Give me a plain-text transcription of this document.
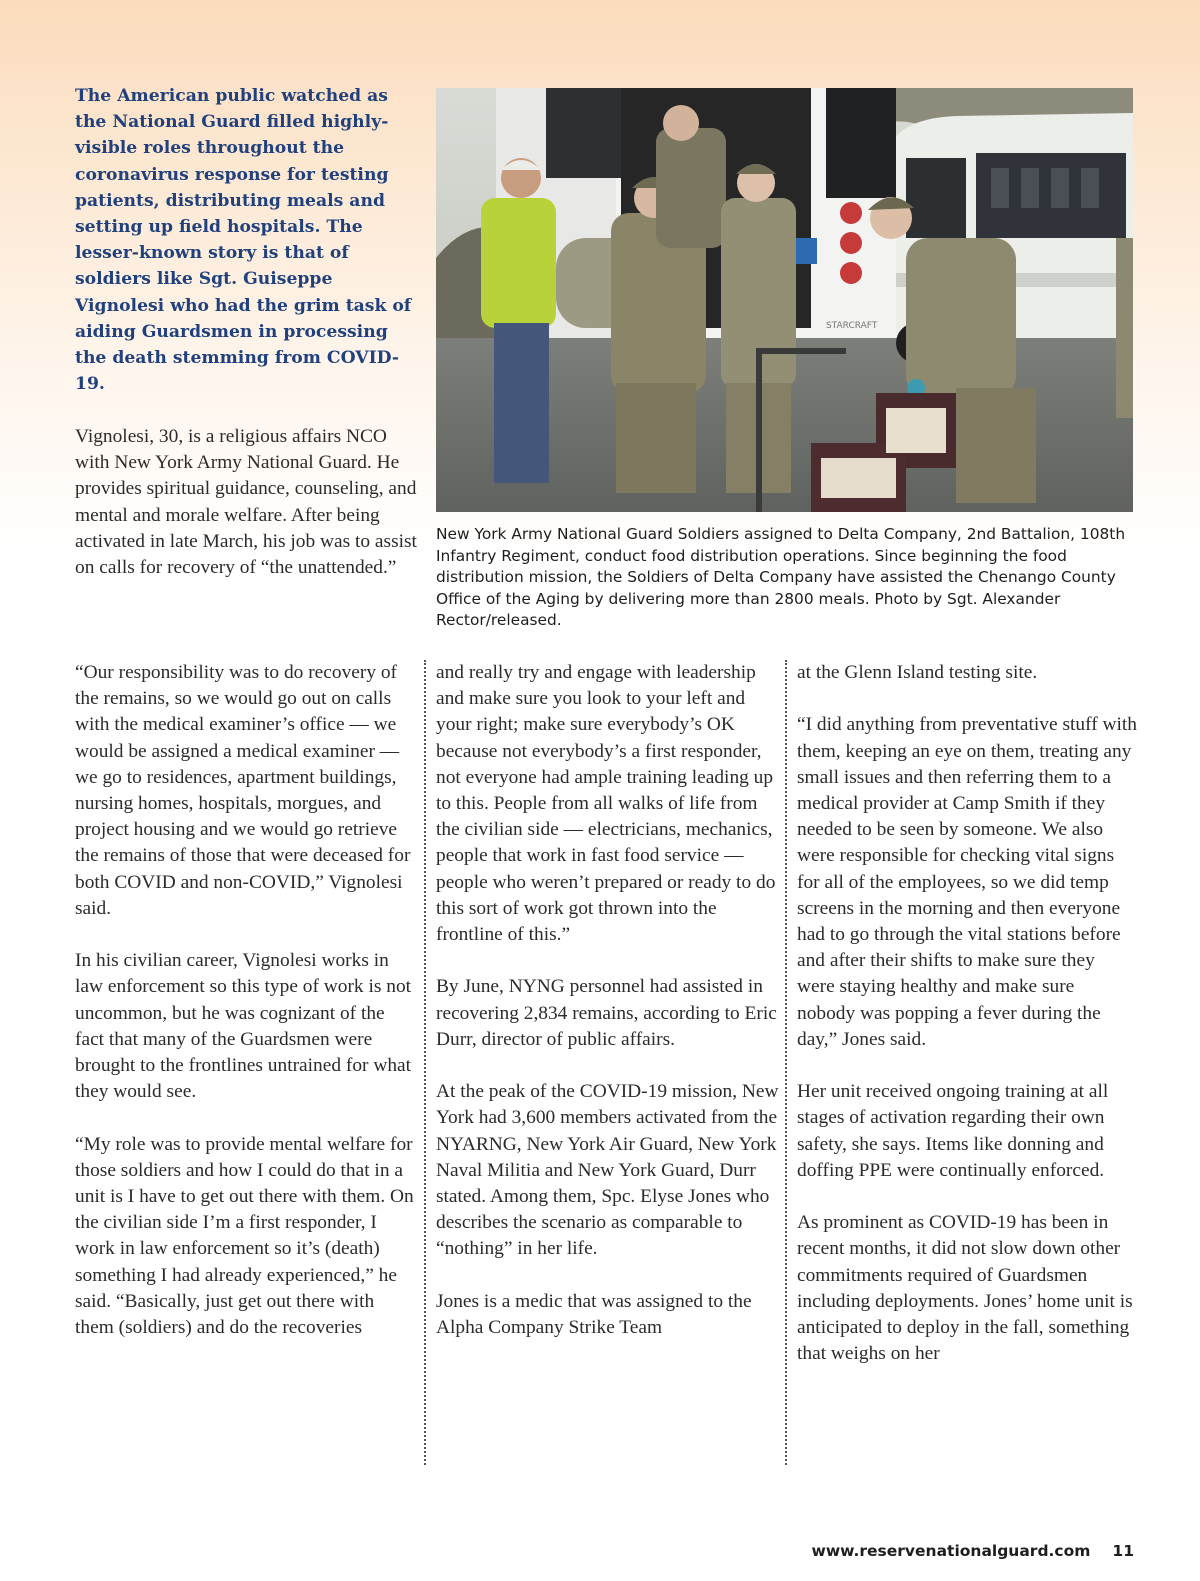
The American public watched as the National Guard filled highly-visible roles throughout the coronavirus response for testing patients, distributing meals and setting up field hospitals. The lesser-known story is that of soldiers like Sgt. Guiseppe Vignolesi who had the grim task of aiding Guardsmen in processing the death stemming from COVID-19.

Vignolesi, 30, is a religious affairs NCO with New York Army National Guard. He provides spiritual guidance, counseling, and mental and morale welfare. After being activated in late March, his job was to assist on calls for recovery of “the unattended.”

STARCRAFT
New York Army National Guard Soldiers assigned to Delta Company, 2nd Battalion, 108th Infantry Regiment, conduct food distribution operations. Since beginning the food distribution mission, the Soldiers of Delta Company have assisted the Chenango County Office of the Aging by delivering more than 2800 meals. Photo by Sgt. Alexander Rector/released.

“Our responsibility was to do recovery of the remains, so we would go out on calls with the medical examiner’s office — we would be assigned a medical examiner — we go to residences, apartment buildings, nursing homes, hospitals, morgues, and project housing and we would go retrieve the remains of those that were deceased for both COVID and non-COVID,” Vignolesi said.

In his civilian career, Vignolesi works in law enforcement so this type of work is not uncommon, but he was cognizant of the fact that many of the Guardsmen were brought to the frontlines untrained for what they would see.

“My role was to provide mental welfare for those soldiers and how I could do that in a unit is I have to get out there with them. On the civilian side I’m a first responder, I work in law enforcement so it’s (death) something I had already experienced,” he said. “Basically, just get out there with them (soldiers) and do the recoveries

and really try and engage with leadership and make sure you look to your left and your right; make sure everybody’s OK because not everybody’s a first responder, not everyone had ample training leading up to this. People from all walks of life from the civilian side — electricians, mechanics, people that work in fast food service — people who weren’t prepared or ready to do this sort of work got thrown into the frontline of this.”

By June, NYNG personnel had assisted in recovering 2,834 remains, according to Eric Durr, director of public affairs.

At the peak of the COVID-19 mission, New York had 3,600 members activated from the NYARNG, New York Air Guard, New York Naval Militia and New York Guard, Durr stated. Among them, Spc. Elyse Jones who describes the scenario as comparable to “nothing” in her life.

Jones is a medic that was assigned to the Alpha Company Strike Team

at the Glenn Island testing site.

“I did anything from preventative stuff with them, keeping an eye on them, treating any small issues and then referring them to a medical provider at Camp Smith if they needed to be seen by someone. We also were responsible for checking vital signs for all of the employees, so we did temp screens in the morning and then everyone had to go through the vital stations before and after their shifts to make sure they were staying healthy and make sure nobody was popping a fever during the day,” Jones said.

Her unit received ongoing training at all stages of activation regarding their own safety, she says. Items like donning and doffing PPE were continually enforced.

As prominent as COVID-19 has been in recent months, it did not slow down other commitments required of Guardsmen including deployments. Jones’ home unit is anticipated to deploy in the fall, something that weighs on her

www.reservenationalguard.com 11
